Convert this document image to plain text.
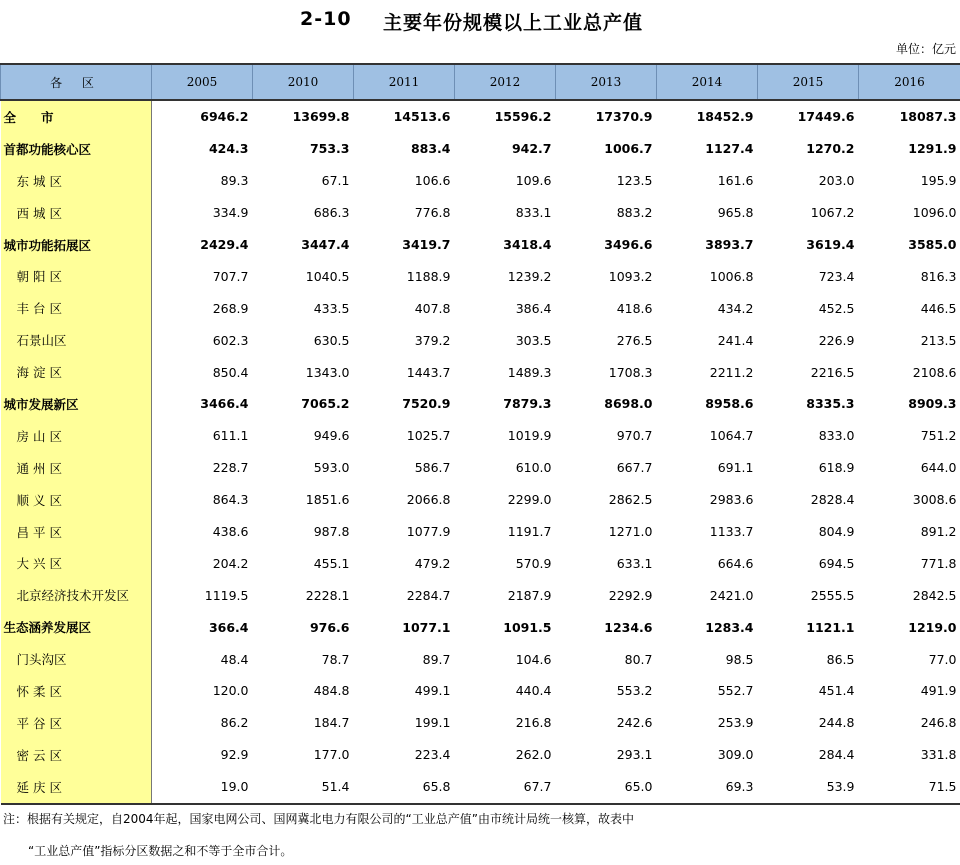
2-10 主要年份规模以上工业总产值
单位：亿元
各 区	2005	2010	2011	2012	2013	2014	2015	2016
全　　市	6946.2	13699.8	14513.6	15596.2	17370.9	18452.9	17449.6	18087.3
首都功能核心区	424.3	753.3	883.4	942.7	1006.7	1127.4	1270.2	1291.9
东 城 区	89.3	67.1	106.6	109.6	123.5	161.6	203.0	195.9
西 城 区	334.9	686.3	776.8	833.1	883.2	965.8	1067.2	1096.0
城市功能拓展区	2429.4	3447.4	3419.7	3418.4	3496.6	3893.7	3619.4	3585.0
朝 阳 区	707.7	1040.5	1188.9	1239.2	1093.2	1006.8	723.4	816.3
丰 台 区	268.9	433.5	407.8	386.4	418.6	434.2	452.5	446.5
石景山区	602.3	630.5	379.2	303.5	276.5	241.4	226.9	213.5
海 淀 区	850.4	1343.0	1443.7	1489.3	1708.3	2211.2	2216.5	2108.6
城市发展新区	3466.4	7065.2	7520.9	7879.3	8698.0	8958.6	8335.3	8909.3
房 山 区	611.1	949.6	1025.7	1019.9	970.7	1064.7	833.0	751.2
通 州 区	228.7	593.0	586.7	610.0	667.7	691.1	618.9	644.0
顺 义 区	864.3	1851.6	2066.8	2299.0	2862.5	2983.6	2828.4	3008.6
昌 平 区	438.6	987.8	1077.9	1191.7	1271.0	1133.7	804.9	891.2
大 兴 区	204.2	455.1	479.2	570.9	633.1	664.6	694.5	771.8
北京经济技术开发区	1119.5	2228.1	2284.7	2187.9	2292.9	2421.0	2555.5	2842.5
生态涵养发展区	366.4	976.6	1077.1	1091.5	1234.6	1283.4	1121.1	1219.0
门头沟区	48.4	78.7	89.7	104.6	80.7	98.5	86.5	77.0
怀 柔 区	120.0	484.8	499.1	440.4	553.2	552.7	451.4	491.9
平 谷 区	86.2	184.7	199.1	216.8	242.6	253.9	244.8	246.8
密 云 区	92.9	177.0	223.4	262.0	293.1	309.0	284.4	331.8
延 庆 区	19.0	51.4	65.8	67.7	65.0	69.3	53.9	71.5
注：根据有关规定，自2004年起，国家电网公司、国网冀北电力有限公司的“工业总产值”由市统计局统一核算，故表中
“工业总产值”指标分区数据之和不等于全市合计。
